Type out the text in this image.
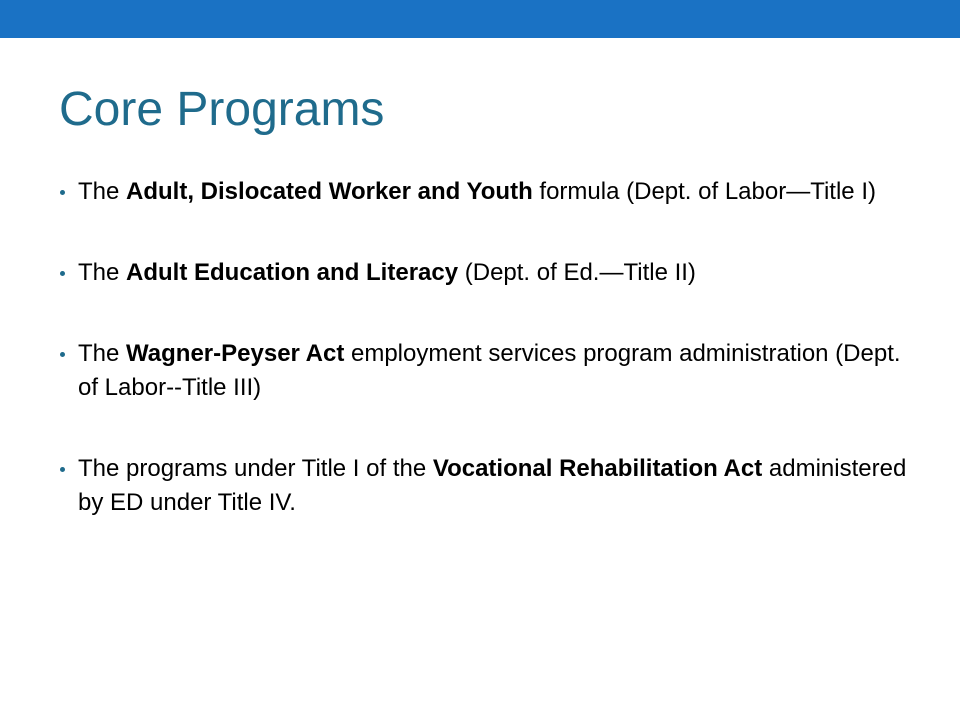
Core Programs
The Adult, Dislocated Worker and Youth formula (Dept. of Labor—Title I)
The Adult Education and Literacy (Dept. of Ed.—Title II)
The Wagner-Peyser Act employment services program administration (Dept. of Labor--Title III)
The programs under Title I of the Vocational Rehabilitation Act administered by ED under Title IV.
